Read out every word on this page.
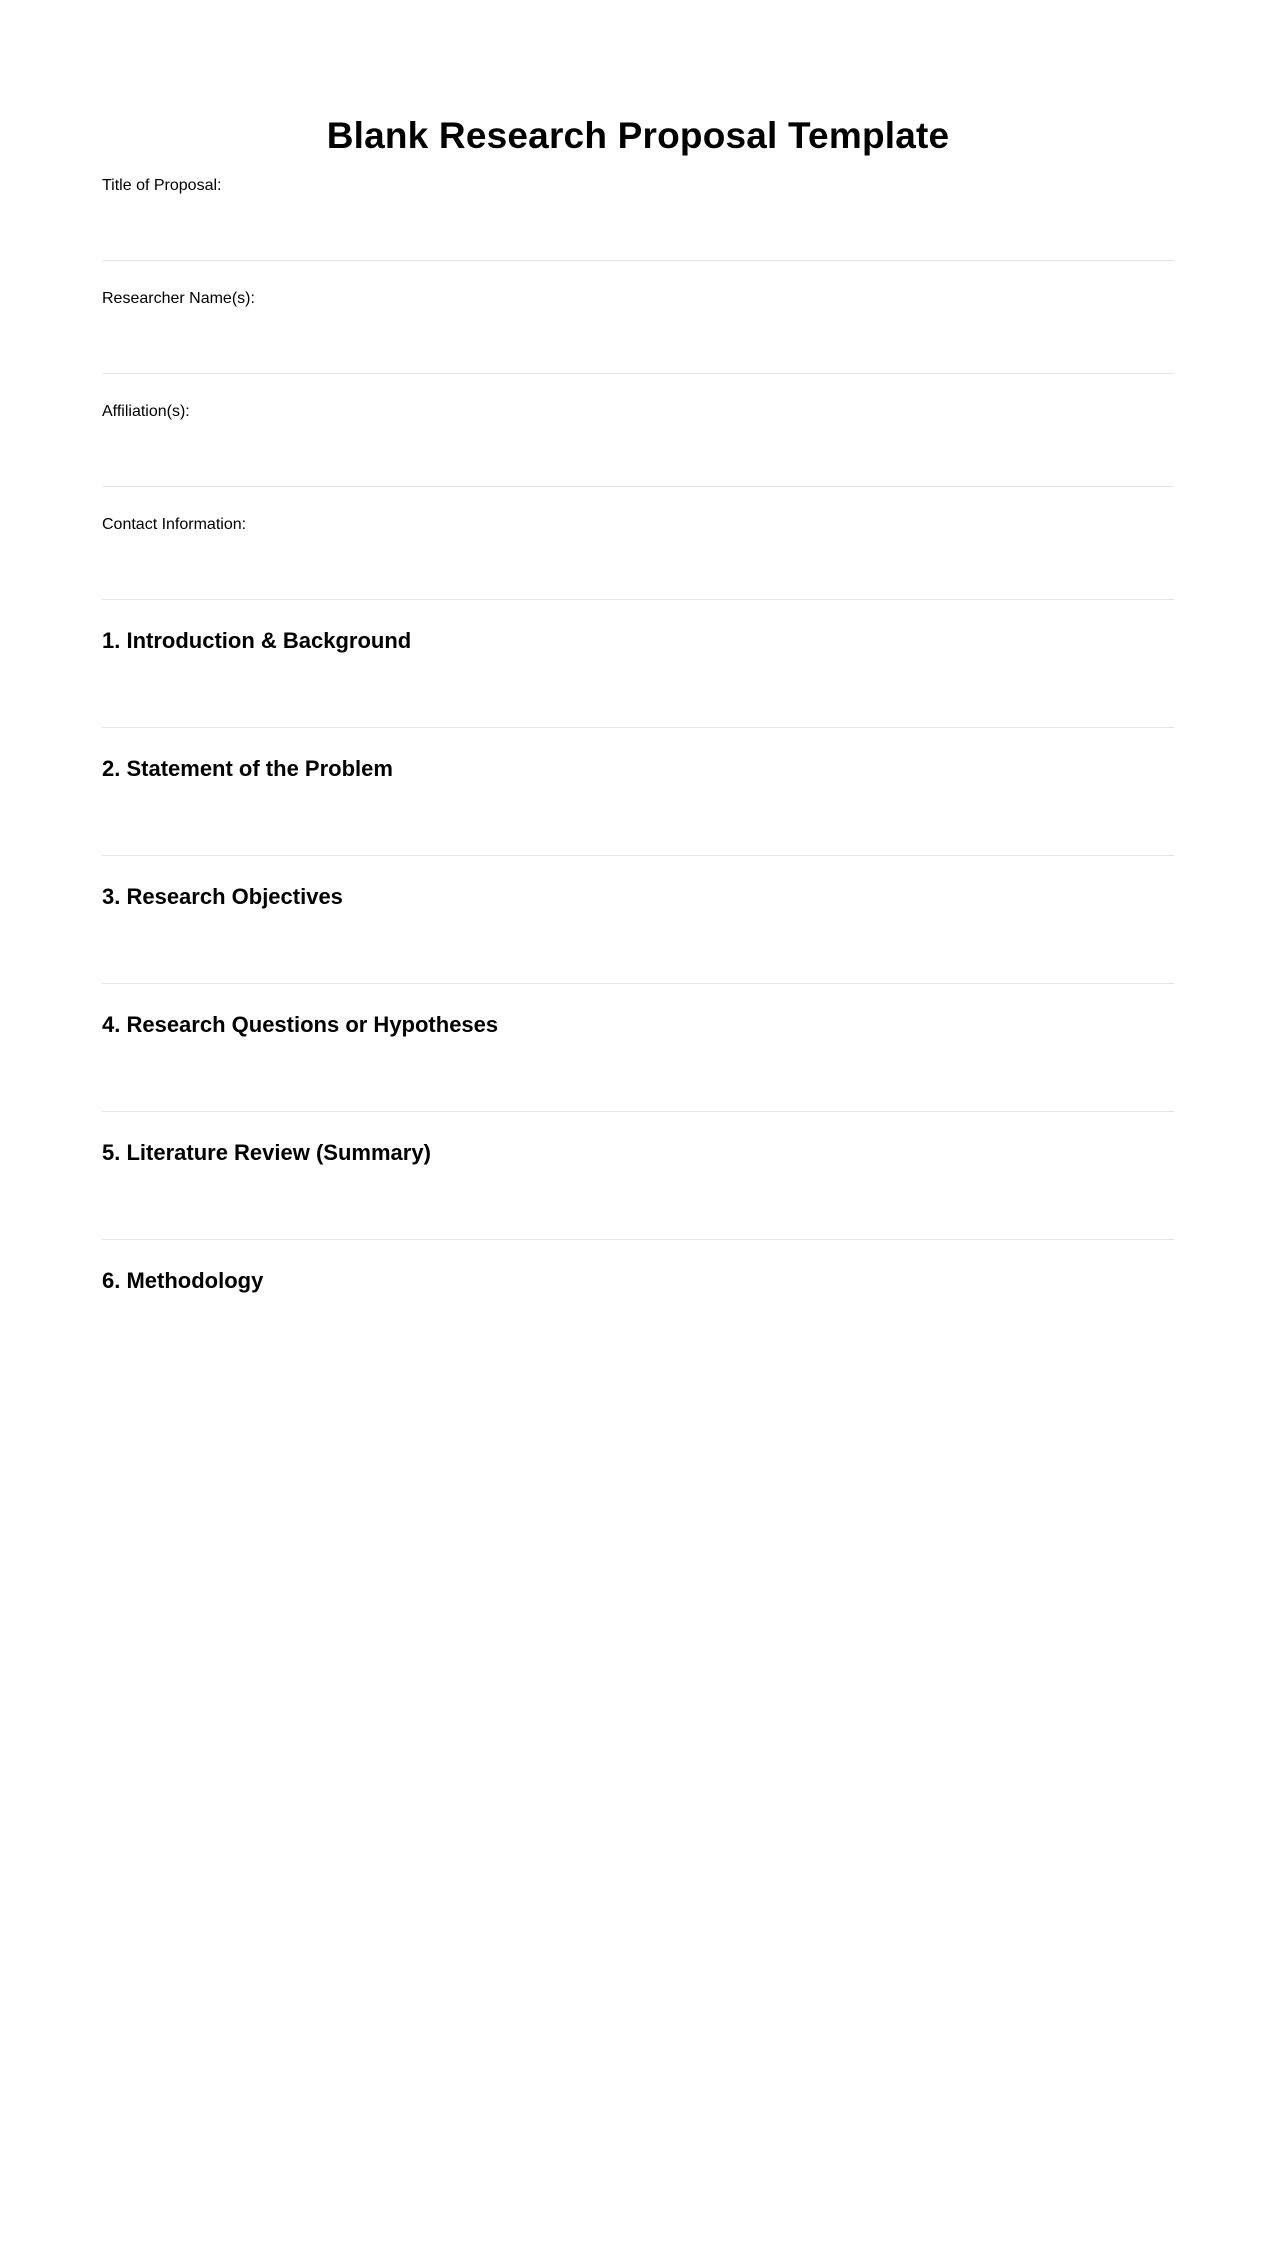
Blank Research Proposal Template
Title of Proposal:
Researcher Name(s):
Affiliation(s):
Contact Information:
1. Introduction & Background
2. Statement of the Problem
3. Research Objectives
4. Research Questions or Hypotheses
5. Literature Review (Summary)
6. Methodology
